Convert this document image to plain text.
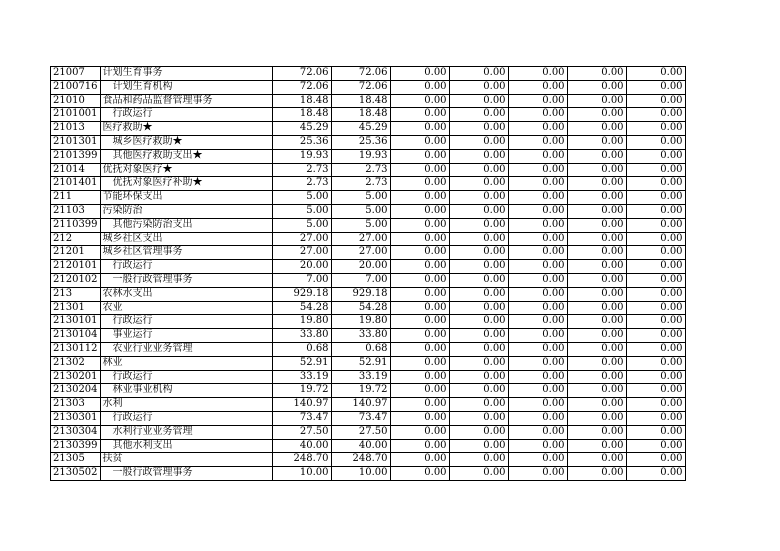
21007	计划生育事务	72.06	72.06	0.00	0.00	0.00	0.00	0.00
2100716	计划生育机构	72.06	72.06	0.00	0.00	0.00	0.00	0.00
21010	食品和药品监督管理事务	18.48	18.48	0.00	0.00	0.00	0.00	0.00
2101001	行政运行	18.48	18.48	0.00	0.00	0.00	0.00	0.00
21013	医疗救助★	45.29	45.29	0.00	0.00	0.00	0.00	0.00
2101301	城乡医疗救助★	25.36	25.36	0.00	0.00	0.00	0.00	0.00
2101399	其他医疗救助支出★	19.93	19.93	0.00	0.00	0.00	0.00	0.00
21014	优抚对象医疗★	2.73	2.73	0.00	0.00	0.00	0.00	0.00
2101401	优抚对象医疗补助★	2.73	2.73	0.00	0.00	0.00	0.00	0.00
211	节能环保支出	5.00	5.00	0.00	0.00	0.00	0.00	0.00
21103	污染防治	5.00	5.00	0.00	0.00	0.00	0.00	0.00
2110399	其他污染防治支出	5.00	5.00	0.00	0.00	0.00	0.00	0.00
212	城乡社区支出	27.00	27.00	0.00	0.00	0.00	0.00	0.00
21201	城乡社区管理事务	27.00	27.00	0.00	0.00	0.00	0.00	0.00
2120101	行政运行	20.00	20.00	0.00	0.00	0.00	0.00	0.00
2120102	一般行政管理事务	7.00	7.00	0.00	0.00	0.00	0.00	0.00
213	农林水支出	929.18	929.18	0.00	0.00	0.00	0.00	0.00
21301	农业	54.28	54.28	0.00	0.00	0.00	0.00	0.00
2130101	行政运行	19.80	19.80	0.00	0.00	0.00	0.00	0.00
2130104	事业运行	33.80	33.80	0.00	0.00	0.00	0.00	0.00
2130112	农业行业业务管理	0.68	0.68	0.00	0.00	0.00	0.00	0.00
21302	林业	52.91	52.91	0.00	0.00	0.00	0.00	0.00
2130201	行政运行	33.19	33.19	0.00	0.00	0.00	0.00	0.00
2130204	林业事业机构	19.72	19.72	0.00	0.00	0.00	0.00	0.00
21303	水利	140.97	140.97	0.00	0.00	0.00	0.00	0.00
2130301	行政运行	73.47	73.47	0.00	0.00	0.00	0.00	0.00
2130304	水利行业业务管理	27.50	27.50	0.00	0.00	0.00	0.00	0.00
2130399	其他水利支出	40.00	40.00	0.00	0.00	0.00	0.00	0.00
21305	扶贫	248.70	248.70	0.00	0.00	0.00	0.00	0.00
2130502	一般行政管理事务	10.00	10.00	0.00	0.00	0.00	0.00	0.00
